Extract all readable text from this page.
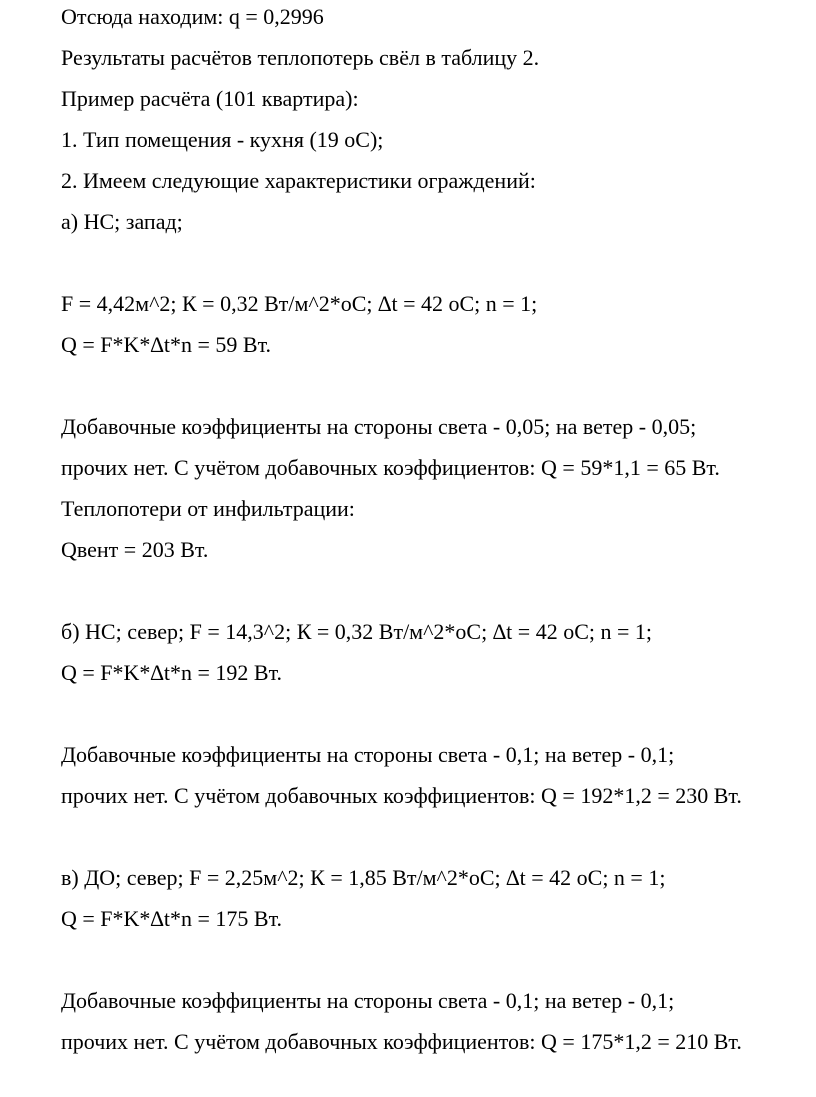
Отсюда находим: q = 0,2996

Результаты расчётов теплопотерь свёл в таблицу 2.

Пример расчёта (101 квартира):

1. Тип помещения - кухня (19 оС);

2. Имеем следующие характеристики ограждений:

а) НС; запад;

F = 4,42м^2; К = 0,32 Вт/м^2*оС; ∆t = 42 оС; n = 1;

Q = F*K*∆t*n = 59 Вт.

Добавочные коэффициенты на стороны света - 0,05; на ветер - 0,05;

прочих нет. С учётом добавочных коэффициентов: Q = 59*1,1 = 65 Вт.

Теплопотери от инфильтрации:

Qвент = 203 Вт.

б) НС; север; F = 14,3^2; К = 0,32 Вт/м^2*оС; ∆t = 42 оС; n = 1;

Q = F*K*∆t*n = 192 Вт.

Добавочные коэффициенты на стороны света - 0,1; на ветер - 0,1;

прочих нет. С учётом добавочных коэффициентов: Q = 192*1,2 = 230 Вт.

в) ДО; север; F = 2,25м^2; К = 1,85 Вт/м^2*оС; ∆t = 42 оС; n = 1;

Q = F*K*∆t*n = 175 Вт.

Добавочные коэффициенты на стороны света - 0,1; на ветер - 0,1;

прочих нет. С учётом добавочных коэффициентов: Q = 175*1,2 = 210 Вт.
